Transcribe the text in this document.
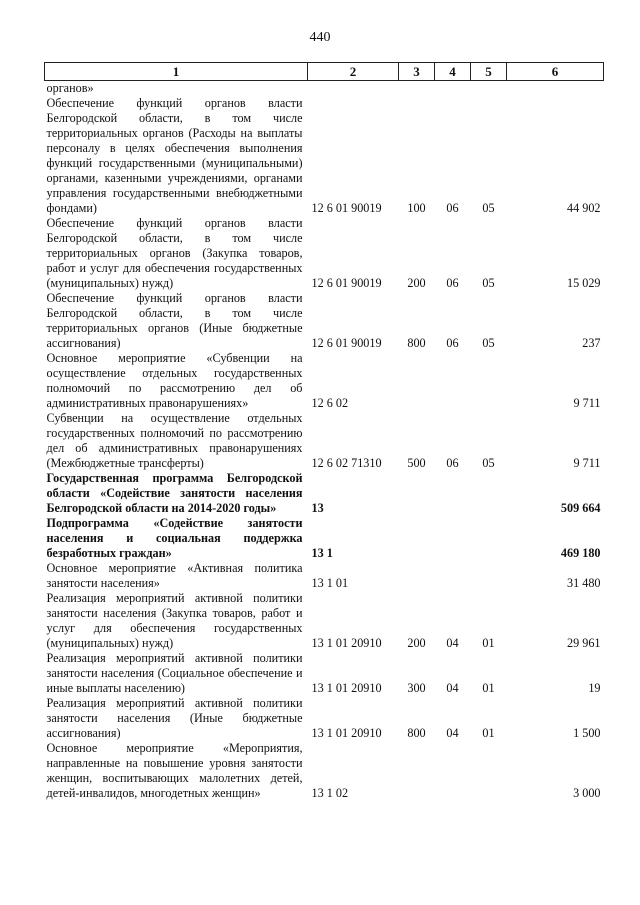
440
1	2	3	4	5	6

органов»					

Обеспечение функций органов власти Белгородской области, в том числе территориальных органов (Расходы на выплаты персоналу в целях обеспечения выполнения функций государственными (муниципальными) органами, казенными учреждениями, органами управления государственными внебюджетными фондами)	12 6 01 90019	100	06	05	44 902

Обеспечение функций органов власти Белгородской области, в том числе территориальных органов (Закупка товаров, работ и услуг для обеспечения государственных (муниципальных) нужд)	12 6 01 90019	200	06	05	15 029

Обеспечение функций органов власти Белгородской области, в том числе территориальных органов (Иные бюджетные ассигнования)	12 6 01 90019	800	06	05	237

Основное мероприятие «Субвенции на осуществление отдельных государственных полномочий по рассмотрению дел об административных правонарушениях»	12 6 02				9 711

Субвенции на осуществление отдельных государственных полномочий по рассмотрению дел об административных правонарушениях (Межбюджетные трансферты)	12 6 02 71310	500	06	05	9 711

Государственная программа Белгородской области «Содействие занятости населения Белгородской области на 2014-2020 годы»	13				509 664

Подпрограмма «Содействие занятости населения и социальная поддержка безработных граждан»	13 1				469 180

Основное мероприятие «Активная политика занятости населения»	13 1 01				31 480

Реализация мероприятий активной политики занятости населения (Закупка товаров, работ и услуг для обеспечения государственных (муниципальных) нужд)	13 1 01 20910	200	04	01	29 961

Реализация мероприятий активной политики занятости населения (Социальное обеспечение и иные выплаты населению)	13 1 01 20910	300	04	01	19

Реализация мероприятий активной политики занятости населения (Иные бюджетные ассигнования)	13 1 01 20910	800	04	01	1 500

Основное мероприятие «Мероприятия, направленные на повышение уровня занятости женщин, воспитывающих малолетних детей, детей-инвалидов, многодетных женщин»	13 1 02				3 000
